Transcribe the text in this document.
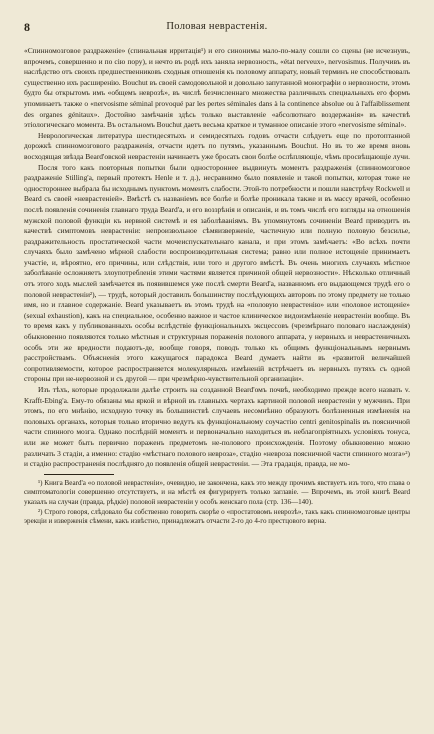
8	Половая неврастенія.

«Спинномозговое раздраженіе» (спинальная ирритація¹) и его синонимы мало-по-малу сошли со сцены (не исчезнувъ, впрочемъ, совершенно и по сію пору), и нечто въ родѣ ихъ заняла нервозность, «état nerveux», nervosismus. Получивъ въ наслѣдство отъ своихъ предшественниковъ сходныя отношенія къ половому аппарату, новый терминъ не способствовалъ существенно ихъ расширенію. Bouchut въ своей самодовольной и довольно запутанной монографіи о нервозности, этомъ будто бы открытомъ имъ «общемъ неврозѣ», въ числѣ безчисленнаго множества различныхъ специальныхъ его формъ упоминаетъ также о «nervosisme séminal provoqué par les pertes séminales dans à la continence absolue ou à l'affaiblissement des organes génitaux». Достойно замѣчанія здѣсь только выставленіе «абсолютнаго воздержанія» въ качествѣ этіологическаго момента. Въ остальномъ Bouchut даетъ весьма краткое и туманное описаніе этого «nervosisme séminal».

Неврологическая литература шестидесятыхъ и семидесятыхъ годовъ отчасти слѣдуетъ еще по протоптанной дорожкѣ спинномозгового раздраженія, отчасти идетъ по путямъ, указаннымъ Bouchut. Но въ то же время вновь восходящая звѣзда Beard'овской неврастеніи начинаетъ уже бросать свои болѣе ослѣпляющіе, чѣмъ просвѣщающіе лучи.

Посля того какъ повторныя попытки были одностороннее выдвинуть моментъ раздраженія (спинномозговое раздраженіе Stilling'a, первый протектъ Henle и т. д.), несравнимо было появленіе и такой попытки, которая тоже не одностороннее выбрала бы исходнымъ пунктомъ моментъ слабости. Этой-то потребности и пошли навстрѣчу Rockwell и Beard съ своей «неврастеніей». Вмѣстѣ съ названіемъ все болѣе и болѣе проникала также и въ массу врачей, особенно послѣ появленія сочиненія главнаго труда Beard'a, и его воззрѣнія и описанія, и въ томъ числѣ его взгляды на отношенія мужской половой функціи къ нервной системѣ и ея заболѣваніямъ. Въ упомянутомъ сочиненіи Beard приводитъ въ качествѣ симптомовъ неврастеніи: непроизвольное сѣмяизверженіе, частичную или полную половую безсилье, раздражительность простатической части мочеиспускательнаго канала, и при этомъ замѣчаетъ: «Во всѣхъ почти случаяхъ было замѣчено мѣрной слабости воспроизводительная система; равно или полное истощеніе принимаетъ участіе, и, вѣроятно, его причины, или слѣдствія, или того и другого вмѣстѣ. Въ очень многихъ случаяхъ мѣстное заболѣваніе осложняетъ злоупотребленія этими частями является причиной общей нервозности». Нѣсколько отличный отъ этого ходъ мыслей замѣчается въ появившемся уже послѣ смерти Beard'a, названномъ его выдающемся трудѣ его о половой неврастеніи²), — трудѣ, который доставилъ большинству послѣдующихъ авторовъ по этому предмету не только имя, но и главное содержаніе. Beard указываетъ въ этомъ трудѣ на «половую неврастенію» или «половое истощеніе» (sexual exhaustion), какъ на специальное, особенно важное и частое клиническое видоизмѣненіе неврастеніи вообще. Въ то время какъ у публикованныхъ особы вслѣдствіе функціональныхъ эксцессовъ (чрезмѣрнаго половаго наслажденія) обыкновенно появляются только мѣстныя и структурныя пораженія полового аппарата, у нервныхъ и неврастеничныхъ особъ эти же вредности подаютъ-де, вообще говоря, поводъ только къ общимъ функціональнымъ нервнымъ расстройствамъ. Объясненія этого кажущагося парадокса Beard думаетъ найти въ «развитой величайшей сопротивляемости, которое распространяется молекулярныхъ измѣненій встрѣчаетъ въ нервныхъ путяхъ съ одной стороны при не-нервозной и съ другой — при чрезмѣрно-чувствительной организаціи».

Изъ тѣхъ, которые продолжали далѣе строить на созданной Beard'омъ почвѣ, необходимо прежде всего назвать v. Krafft-Ebing'a. Ему-то обязаны мы яркой и вѣрной въ главныхъ чертахъ картиной половой неврастеніи у мужчинъ. При этомъ, по его мнѣнію, исходную точку въ большинствѣ случаевъ несомнѣнно образуютъ болѣзненныя измѣненія на половыхъ органахъ, которыя только вторично ведутъ къ функціональному соучастію centri genitospinalis въ поясничной части спинного мозга. Однако послѣдній моментъ и первоначально находиться въ неблагопріятныхъ условіяхъ тонуса, или же может быть первично пораженъ предметомъ не-полового происхожденія. Поэтому обыкновенно можно различать 3 стадіи, а именно: стадію «мѣстнаго полового невроза», стадію «невроза поясничной части спинного мозга»²) и стадію распространенія послѣдняго до появленія общей неврастеніи. — Эта градація, правда, не мо-

¹) Книга Beard'a «о половой неврастеніи», очевидно, не закончена, какъ это между прочимъ явствуетъ изъ того, что глава о симптоматологіи совершенно отсутствуетъ, и на мѣстѣ ея фигурируетъ только заглавіе. — Впрочемъ, въ этой книгѣ Beard указалъ на случаи (правда, рѣдкіе) половой неврастеніи у особъ женскаго пола (стр. 136—140).

²) Строго говоря, слѣдовало бы собственно говорить скорѣе о «простатовомъ неврозѣ», такъ какъ спинномозговые центры эрекціи и изверженія сѣмени, какъ извѣстно, принадлежатъ отчасти 2-го до 4-го престцового верна.
